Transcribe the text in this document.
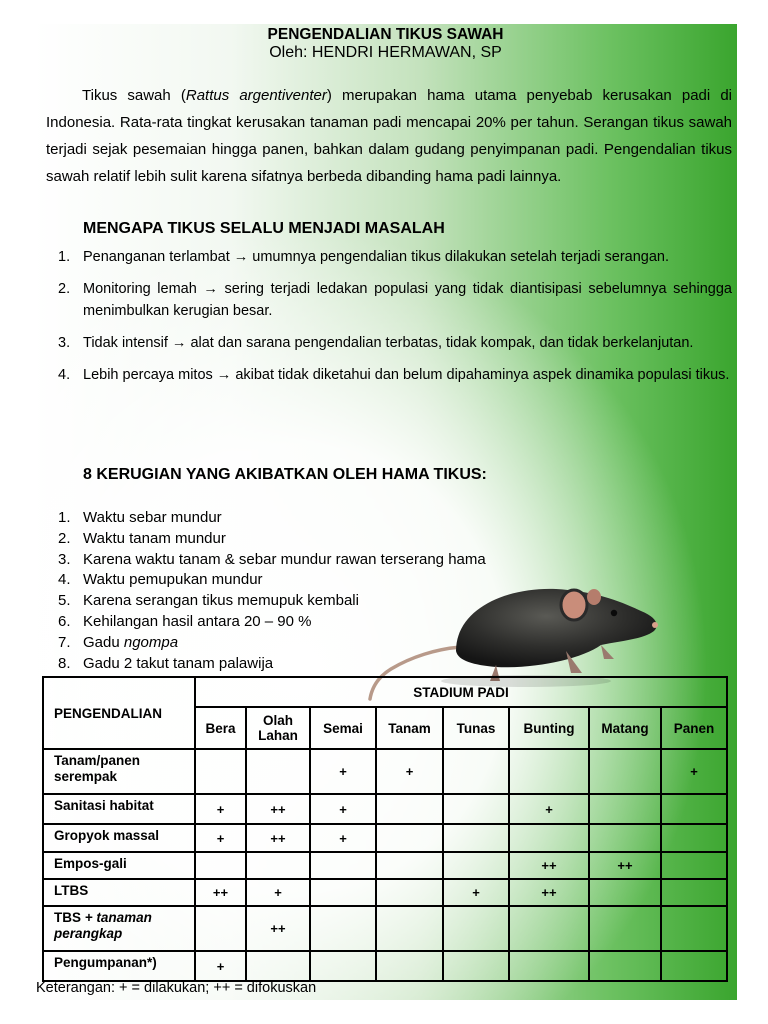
PENGENDALIAN TIKUS SAWAH
Oleh: HENDRI HERMAWAN, SP

Tikus sawah (Rattus argentiventer) merupakan hama utama penyebab kerusakan padi di Indonesia. Rata-rata tingkat kerusakan tanaman padi mencapai 20% per tahun. Serangan tikus sawah terjadi sejak pesemaian hingga panen, bahkan dalam gudang penyimpanan padi. Pengendalian tikus sawah relatif lebih sulit karena sifatnya berbeda dibanding hama padi lainnya.

MENGAPA TIKUS SELALU MENJADI MASALAH
1. Penanganan terlambat → umumnya pengendalian tikus dilakukan setelah terjadi serangan.
2. Monitoring lemah → sering terjadi ledakan populasi yang tidak diantisipasi sebelumnya sehingga menimbulkan kerugian besar.
3. Tidak intensif → alat dan sarana pengendalian terbatas, tidak kompak, dan tidak berkelanjutan.
4. Lebih percaya mitos → akibat tidak diketahui dan belum dipahaminya aspek dinamika populasi tikus.
8 KERUGIAN YANG AKIBATKAN OLEH HAMA TIKUS:
1. Waktu sebar mundur
2. Waktu tanam mundur
3. Karena waktu tanam & sebar mundur rawan terserang hama
4. Waktu pemupukan mundur
5. Karena serangan tikus memupuk kembali
6. Kehilangan hasil antara 20 – 90 %
7. Gadu ngompa
8. Gadu 2 takut tanam palawija
PENGENDALIAN	STADIUM PADI							
	Bera	Olah Lahan	Semai	Tanam	Tunas	Bunting	Matang	Panen
Tanam/panen serempak			+	+				+
Sanitasi habitat	+	++	+			+		
Gropyok massal	+	++	+					
Empos-gali						++	++	
LTBS	++	+			+	++		
TBS + tanaman perangkap		++						
Pengumpanan*)	+							
Keterangan: + = dilakukan; ++ = difokuskan
